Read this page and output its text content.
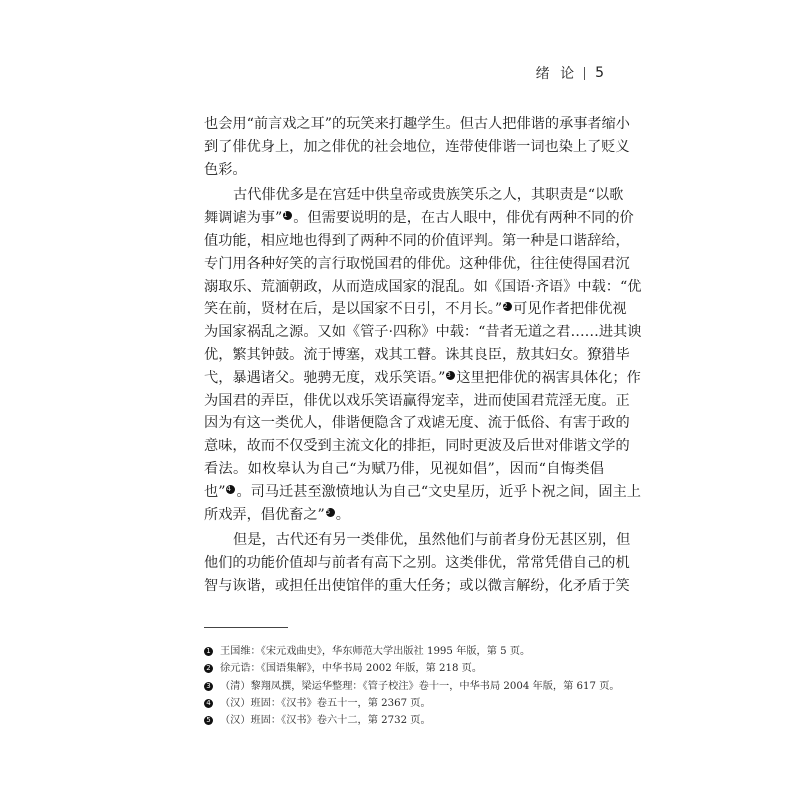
绪 论 5
也会用“前言戏之耳”的玩笑来打趣学生。但古人把俳谐的承事者缩小
到了俳优身上，加之俳优的社会地位，连带使俳谐一词也染上了贬义
色彩。
古代俳优多是在宫廷中供皇帝或贵族笑乐之人，其职责是“以歌
舞调谑为事”1 。但需要说明的是，在古人眼中，俳优有两种不同的价
值功能，相应地也得到了两种不同的价值评判。第一种是口谐辞给，
专门用各种好笑的言行取悦国君的俳优。这种俳优，往往使得国君沉
溺取乐、荒湎朝政，从而造成国家的混乱。如《国语·齐语》中载：“优
笑在前，贤材在后，是以国家不日引，不月长。”2 可见作者把俳优视
为国家祸乱之源。又如《管子·四称》中载：“昔者无道之君……进其谀
优，繁其钟鼓。流于博塞，戏其工瞽。诛其良臣，敖其妇女。獠猎毕
弋，暴遇诸父。驰骋无度，戏乐笑语。”3 这里把俳优的祸害具体化；作
为国君的弄臣，俳优以戏乐笑语赢得宠幸，进而使国君荒淫无度。正
因为有这一类优人，俳谐便隐含了戏谑无度、流于低俗、有害于政的
意味，故而不仅受到主流文化的排拒，同时更波及后世对俳谐文学的
看法。如枚皋认为自己“为赋乃俳，见视如倡”，因而“自悔类倡
也”4 。司马迁甚至激愤地认为自己“文史星历，近乎卜祝之间，固主上
所戏弄，倡优畜之”5 。
但是，古代还有另一类俳优，虽然他们与前者身份无甚区别，但
他们的功能价值却与前者有高下之别。这类俳优，常常凭借自己的机
智与诙谐，或担任出使馆伴的重大任务；或以微言解纷，化矛盾于笑
1 王国维：《宋元戏曲史》，华东师范大学出版社 1995 年版，第 5 页。
2 徐元诰：《国语集解》，中华书局 2002 年版，第 218 页。
3 （清）黎翔凤撰，梁运华整理：《管子校注》卷十一，中华书局 2004 年版，第 617 页。
4 （汉）班固：《汉书》卷五十一，第 2367 页。
5 （汉）班固：《汉书》卷六十二，第 2732 页。
